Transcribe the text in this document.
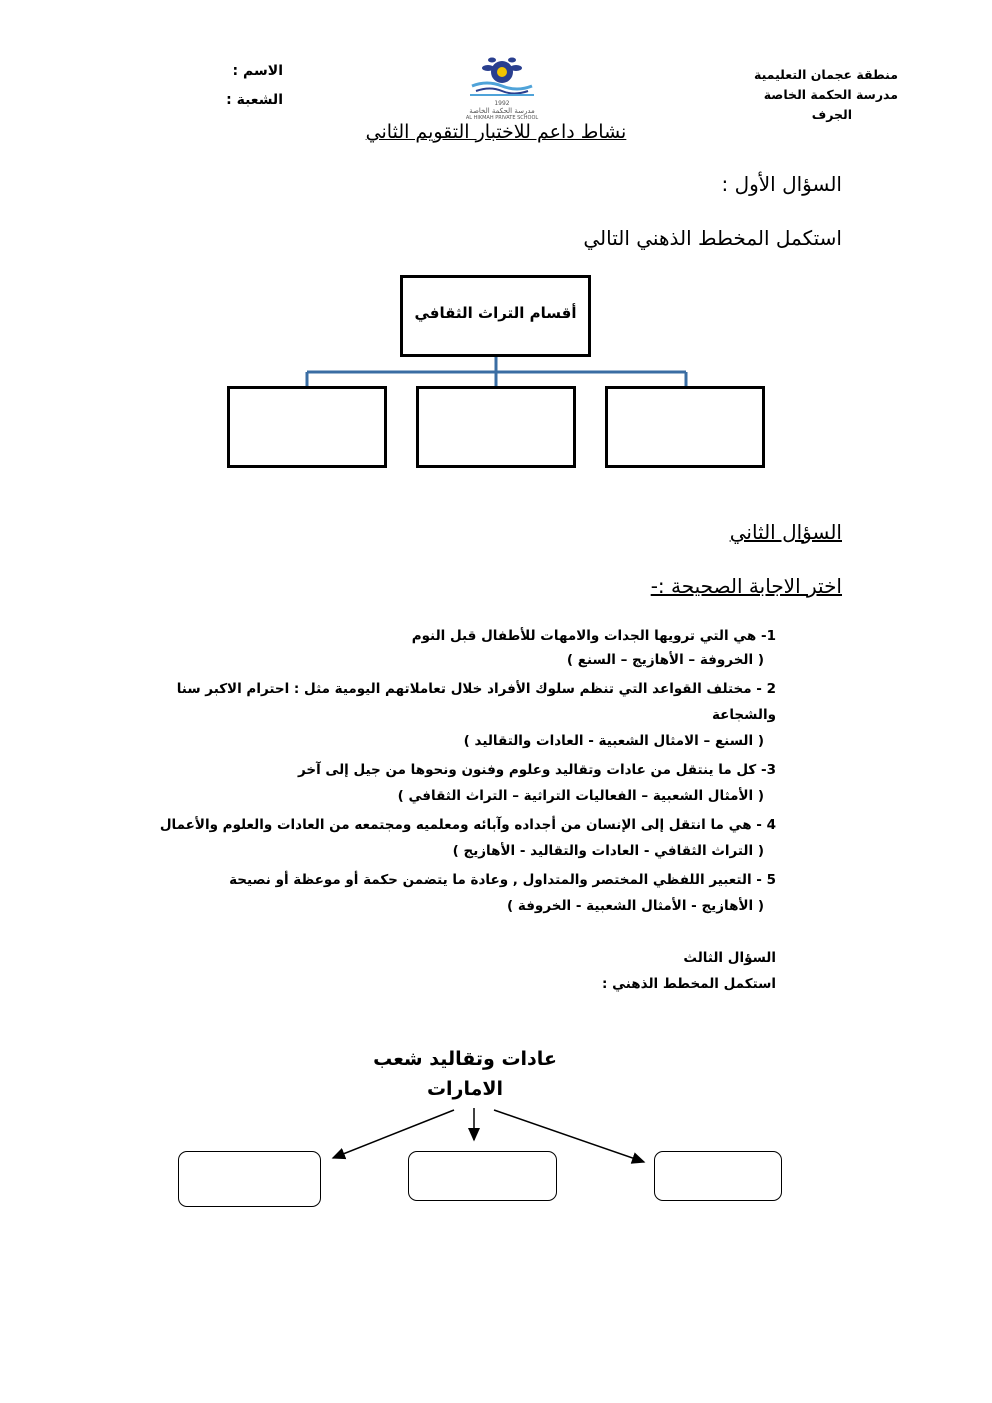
منطقة عجمان التعليمية
مدرسة الحكمة الخاصة
الجرف
الاسم :
الشعبة :	1992
مدرسة الحكمة الخاصة
AL HIKMAH PRIVATE SCHOOL
نشاط داعم للاختبار التقويم الثاني
السؤال الأول :
استكمل المخطط الذهني التالي
أقسام التراث الثقافي
السؤال الثاني
اختر الاجابة الصحيحة :-
1- هي التي ترويها الجدات والامهات للأطفال قبل النوم
( الخروفة – الأهازيج – السنع )
2 - مختلف القواعد التي تنظم سلوك الأفراد خلال تعاملاتهم اليومية مثل : احترام الاكبر سنا
والشجاعة
( السنع – الامثال الشعبية - العادات والتقاليد )
3- كل ما ينتقل من عادات وتقاليد وعلوم وفنون ونحوها من جيل إلى آخر
( الأمثال الشعبية – الفعاليات التراثية – التراث الثقافي )
4 - هي ما انتقل إلى الإنسان من أجداده وآبائه ومعلميه ومجتمعه من العادات والعلوم والأعمال
( التراث الثقافي - العادات والتقاليد - الأهازيج )
5 - التعبير اللفظي المختصر والمتداول , وعادة ما يتضمن حكمة أو موعظة أو نصيحة
( الأهازيج - الأمثال الشعبية - الخروفة )
السؤال الثالث
استكمل المخطط الذهني :
عادات وتقاليد شعب
الامارات
